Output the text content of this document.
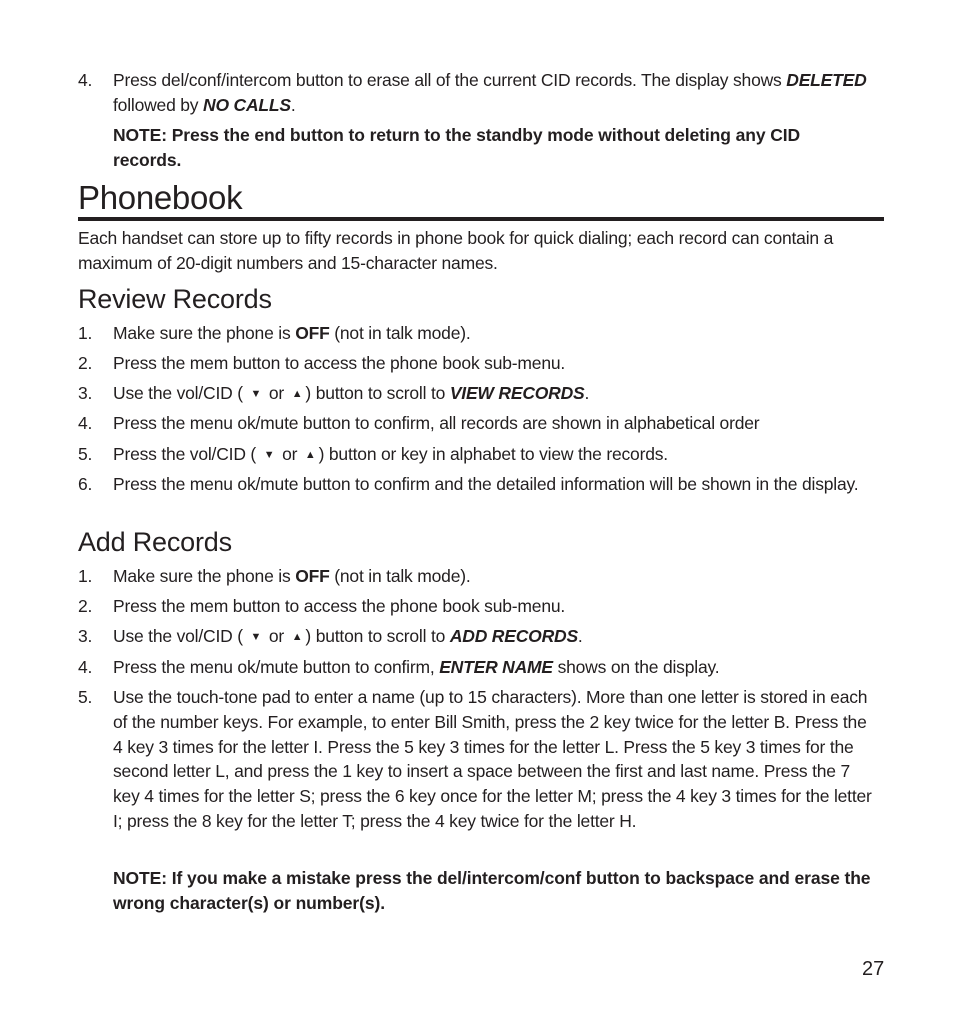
4. Press del/conf/intercom button to erase all of the current CID records. The display shows DELETED followed by NO CALLS.
NOTE: Press the end button to return to the standby mode without deleting any CID records.
Phonebook
Each handset can store up to fifty records in phone book for quick dialing; each record can contain a maximum of 20-digit numbers and 15-character names.
Review Records
1. Make sure the phone is OFF (not in talk mode).
2. Press the mem button to access the phone book sub-menu.
3. Use the vol/CID ( ▼ or ▲ ) button to scroll to VIEW RECORDS.
4. Press the menu ok/mute button to confirm, all records are shown in alphabetical order
5. Press the vol/CID ( ▼ or ▲ ) button or key in alphabet to view the records.
6. Press the menu ok/mute button to confirm and the detailed information will be shown in the display.
Add Records
1. Make sure the phone is OFF (not in talk mode).
2. Press the mem button to access the phone book sub-menu.
3. Use the vol/CID ( ▼ or ▲ ) button to scroll to ADD RECORDS.
4. Press the menu ok/mute button to confirm, ENTER NAME shows on the display.
5. Use the touch-tone pad to enter a name (up to 15 characters). More than one letter is stored in each of the number keys. For example, to enter Bill Smith, press the 2 key twice for the letter B. Press the 4 key 3 times for the letter I. Press the 5 key 3 times for the letter L. Press the 5 key 3 times for the second letter L, and press the 1 key to insert a space between the first and last name. Press the 7 key 4 times for the letter S; press the 6 key once for the letter M; press the 4 key 3 times for the letter I; press the 8 key for the letter T; press the 4 key twice for the letter H.
NOTE: If you make a mistake press the del/intercom/conf button to backspace and erase the wrong character(s) or number(s).
27
